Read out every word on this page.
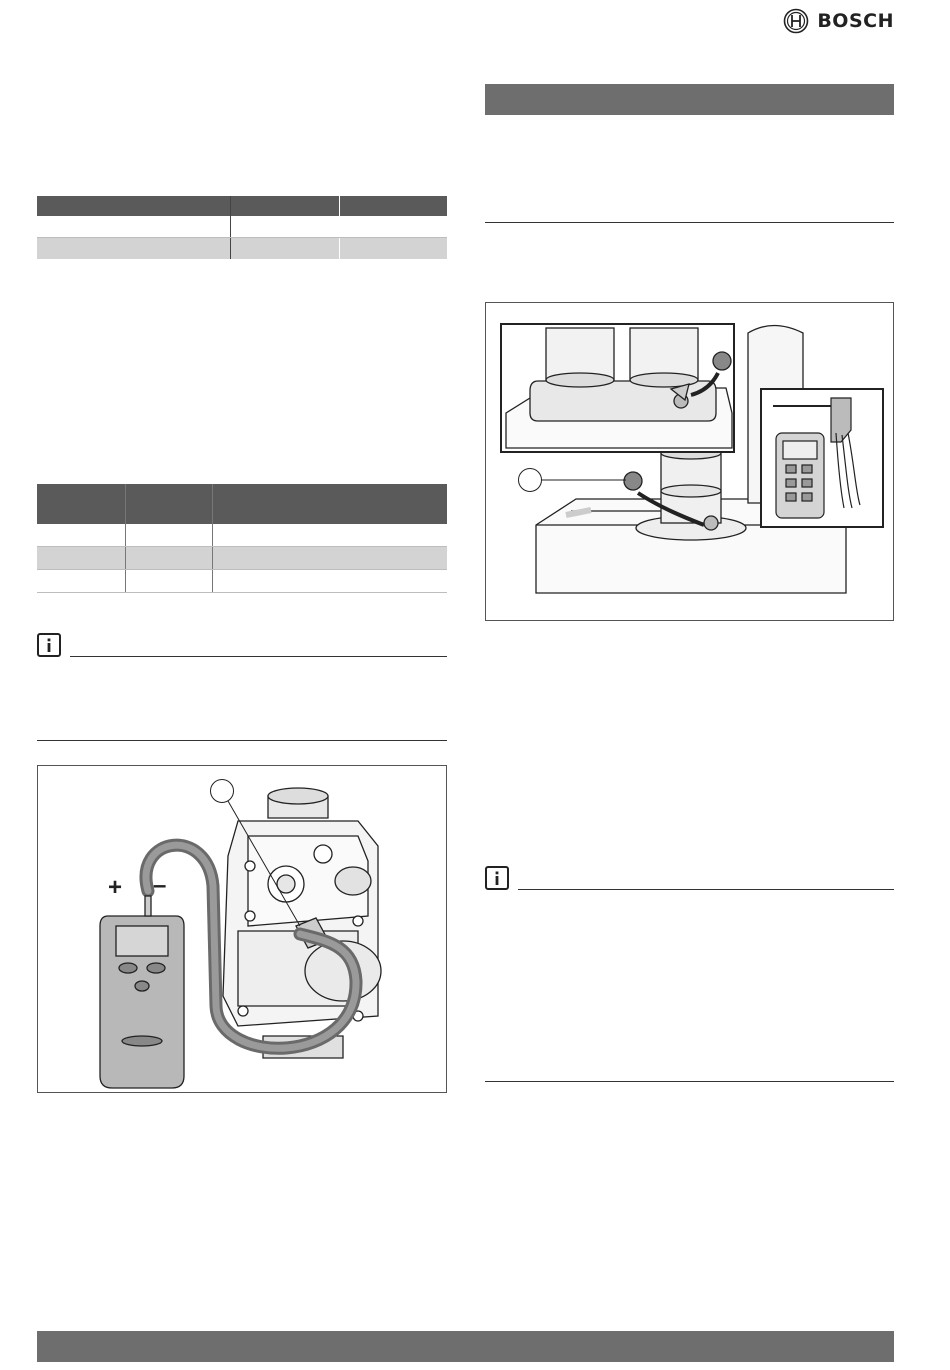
BOSCH

+ –
